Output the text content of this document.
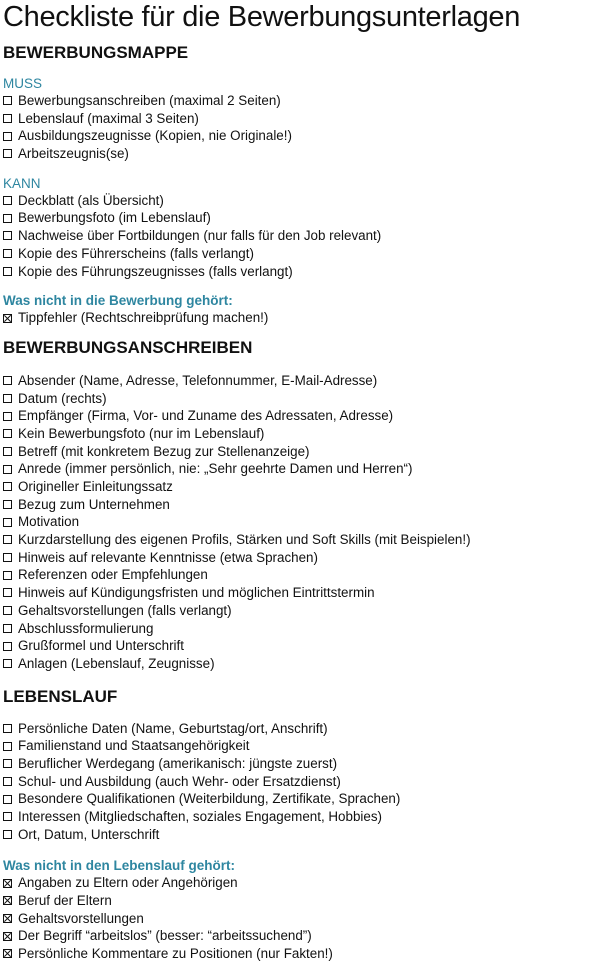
Checkliste für die Bewerbungsunterlagen
BEWERBUNGSMAPPE
MUSS
Bewerbungsanschreiben (maximal 2 Seiten)
Lebenslauf (maximal 3 Seiten)
Ausbildungszeugnisse (Kopien, nie Originale!)
Arbeitszeugnis(se)
KANN
Deckblatt (als Übersicht)
Bewerbungsfoto (im Lebenslauf)
Nachweise über Fortbildungen (nur falls für den Job relevant)
Kopie des Führerscheins (falls verlangt)
Kopie des Führungszeugnisses (falls verlangt)
Was nicht in die Bewerbung gehört:
Tippfehler (Rechtschreibprüfung machen!)
BEWERBUNGSANSCHREIBEN
Absender (Name, Adresse, Telefonnummer, E-Mail-Adresse)
Datum (rechts)
Empfänger (Firma, Vor- und Zuname des Adressaten, Adresse)
Kein Bewerbungsfoto (nur im Lebenslauf)
Betreff (mit konkretem Bezug zur Stellenanzeige)
Anrede (immer persönlich, nie: „Sehr geehrte Damen und Herren“)
Origineller Einleitungssatz
Bezug zum Unternehmen
Motivation
Kurzdarstellung des eigenen Profils, Stärken und Soft Skills (mit Beispielen!)
Hinweis auf relevante Kenntnisse (etwa Sprachen)
Referenzen oder Empfehlungen
Hinweis auf Kündigungsfristen und möglichen Eintrittstermin
Gehaltsvorstellungen (falls verlangt)
Abschlussformulierung
Grußformel und Unterschrift
Anlagen (Lebenslauf, Zeugnisse)
LEBENSLAUF
Persönliche Daten (Name, Geburtstag/ort, Anschrift)
Familienstand und Staatsangehörigkeit
Beruflicher Werdegang (amerikanisch: jüngste zuerst)
Schul- und Ausbildung (auch Wehr- oder Ersatzdienst)
Besondere Qualifikationen (Weiterbildung, Zertifikate, Sprachen)
Interessen (Mitgliedschaften, soziales Engagement, Hobbies)
Ort, Datum, Unterschrift
Was nicht in den Lebenslauf gehört:
Angaben zu Eltern oder Angehörigen
Beruf der Eltern
Gehaltsvorstellungen
Der Begriff “arbeitslos” (besser: “arbeitssuchend”)
Persönliche Kommentare zu Positionen (nur Fakten!)
